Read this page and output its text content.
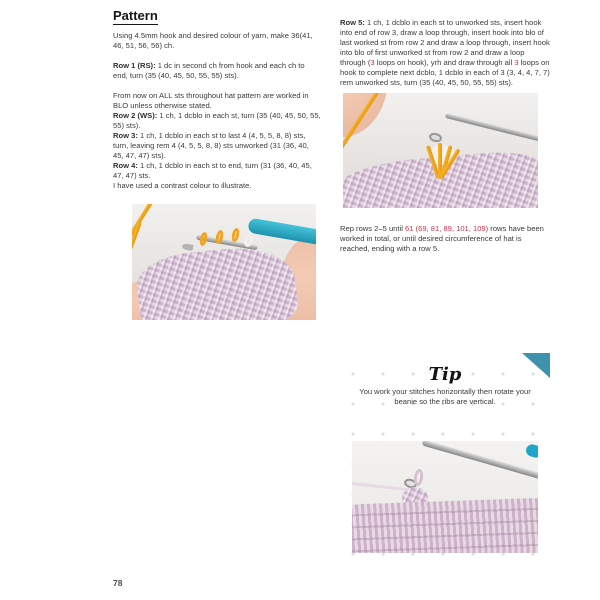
Pattern
Using 4.5mm hook and desired colour of yarn, make 36(41, 46, 51, 56, 56) ch.
Row 1 (RS): 1 dc in second ch from hook and each ch to end, turn (35 (40, 45, 50, 55, 55) sts).
From now on ALL sts throughout hat pattern are worked in BLO unless otherwise stated.
Row 2 (WS): 1 ch, 1 dcblo in each st, turn (35 (40, 45, 50, 55, 55) sts).
Row 3: 1 ch, 1 dcblo in each st to last 4 (4, 5, 5, 8, 8) sts, turn, leaving rem 4 (4, 5, 5, 8, 8) sts unworked (31 (36, 40, 45, 47, 47) sts).
Row 4: 1 ch, 1 dcblo in each st to end, turn (31 (36, 40, 45, 47, 47) sts.
I have used a contrast colour to illustrate.
Row 5: 1 ch, 1 dcblo in each st to unworked sts, insert hook into end of row 3, draw a loop through, insert hook into blo of last worked st from row 2 and draw a loop through, insert hook into blo of first unworked st from row 2 and draw a loop through (3 loops on hook), yrh and draw through all 3 loops on hook to complete next dcblo, 1 dcblo in each of 3 (3, 4, 4, 7, 7) rem unworked sts, turn (35 (40, 45, 50, 55, 55) sts).
Rep rows 2–5 until 61 (69, 81, 89, 101, 109) rows have been worked in total, or until desired circumference of hat is reached, ending with a row 5.
Tip
You work your stitches horizontally then rotate your beanie so the ribs are vertical.
78
